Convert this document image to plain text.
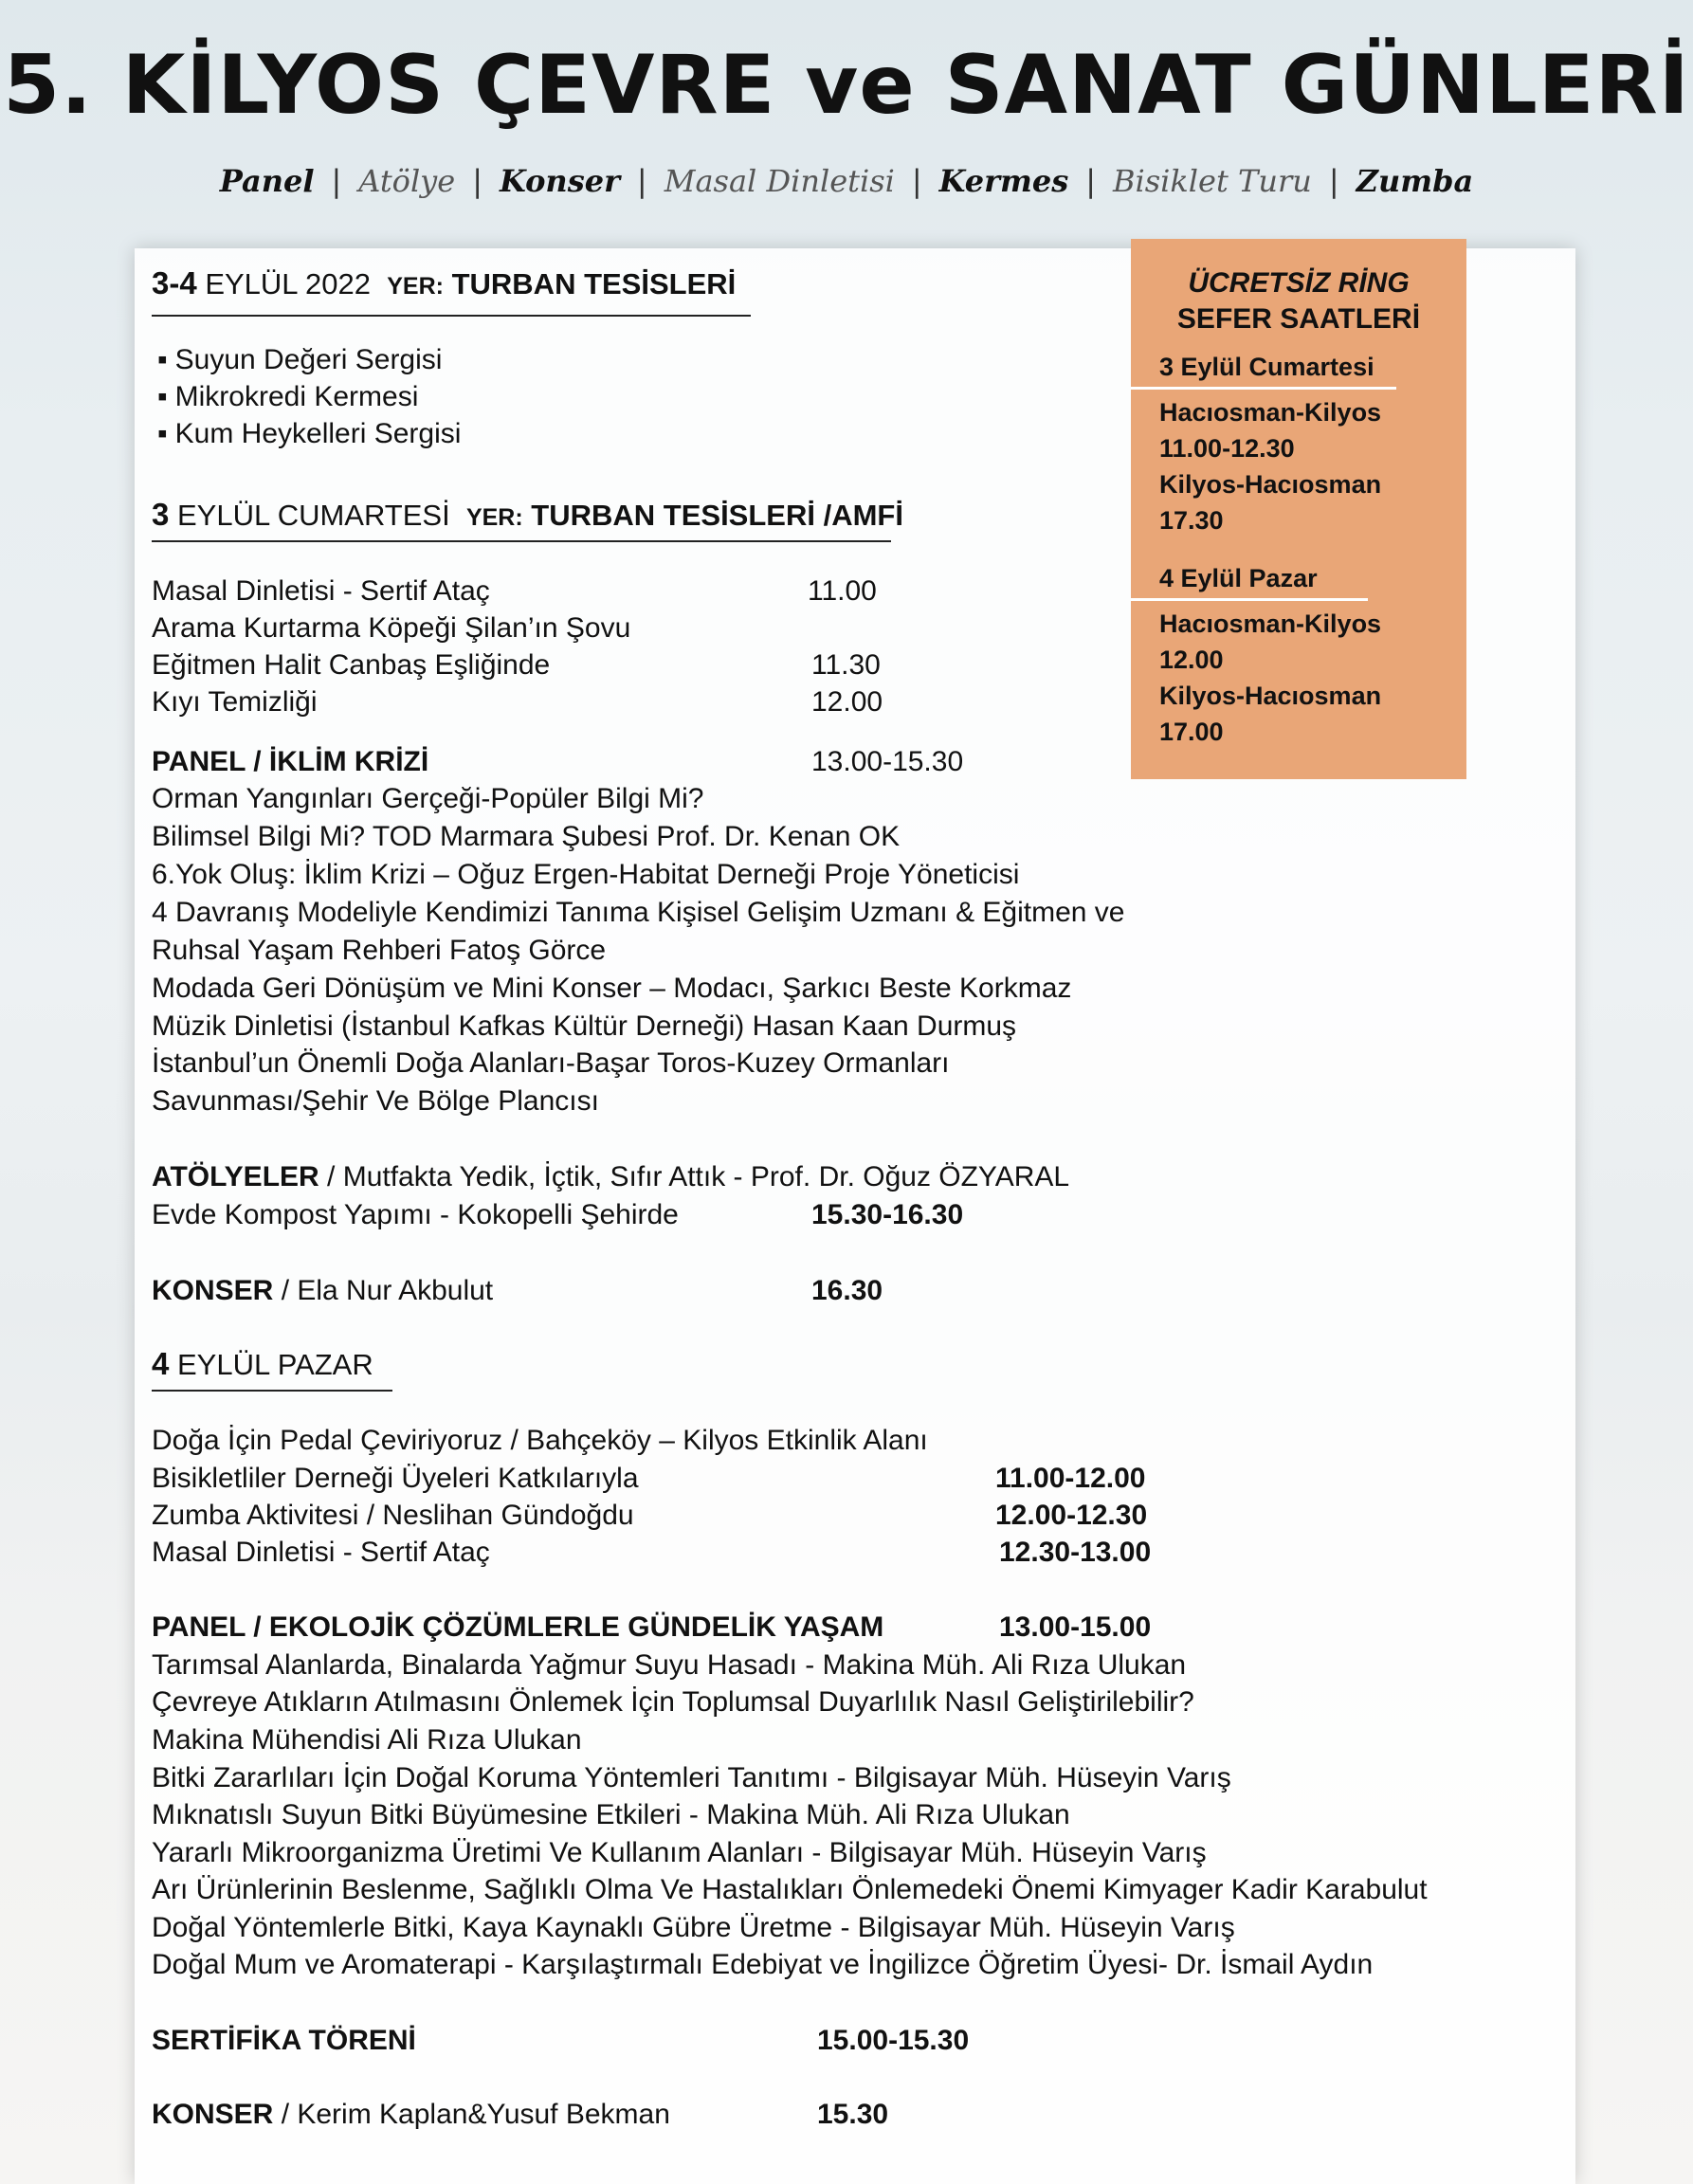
5. KİLYOS ÇEVRE ve SANAT GÜNLERİ
Panel | Atölye | Konser | Masal Dinletisi | Kermes | Bisiklet Turu | Zumba
3-4 EYLÜL 2022 YER: TURBAN TESİSLERİ
▪ Suyun Değeri Sergisi
▪ Mikrokredi Kermesi
▪ Kum Heykelleri Sergisi
3 EYLÜL CUMARTESİ YER: TURBAN TESİSLERİ /AMFİ
Masal Dinletisi - Sertif Ataç	11.00
Arama Kurtarma Köpeği Şilan’ın Şovu
Eğitmen Halit Canbaş Eşliğinde	11.30
Kıyı Temizliği	12.00
PANEL / İKLİM KRİZİ	13.00-15.30
Orman Yangınları Gerçeği-Popüler Bilgi Mi?
Bilimsel Bilgi Mi? TOD Marmara Şubesi Prof. Dr. Kenan OK
6.Yok Oluş: İklim Krizi – Oğuz Ergen-Habitat Derneği Proje Yöneticisi
4 Davranış Modeliyle Kendimizi Tanıma Kişisel Gelişim Uzmanı & Eğitmen ve
Ruhsal Yaşam Rehberi Fatoş Görce
Modada Geri Dönüşüm ve Mini Konser – Modacı, Şarkıcı Beste Korkmaz
Müzik Dinletisi (İstanbul Kafkas Kültür Derneği) Hasan Kaan Durmuş
İstanbul’un Önemli Doğa Alanları-Başar Toros-Kuzey Ormanları
Savunması/Şehir Ve Bölge Plancısı
ATÖLYELER / Mutfakta Yedik, İçtik, Sıfır Attık - Prof. Dr. Oğuz ÖZYARAL
Evde Kompost Yapımı - Kokopelli Şehirde	15.30-16.30
KONSER / Ela Nur Akbulut	16.30
4 EYLÜL PAZAR
Doğa İçin Pedal Çeviriyoruz / Bahçeköy – Kilyos Etkinlik Alanı
Bisikletliler Derneği Üyeleri Katkılarıyla	11.00-12.00
Zumba Aktivitesi / Neslihan Gündoğdu	12.00-12.30
Masal Dinletisi - Sertif Ataç	12.30-13.00
PANEL / EKOLOJİK ÇÖZÜMLERLE GÜNDELİK YAŞAM	13.00-15.00
Tarımsal Alanlarda, Binalarda Yağmur Suyu Hasadı - Makina Müh. Ali Rıza Ulukan
Çevreye Atıkların Atılmasını Önlemek İçin Toplumsal Duyarlılık Nasıl Geliştirilebilir?
Makina Mühendisi Ali Rıza Ulukan
Bitki Zararlıları İçin Doğal Koruma Yöntemleri Tanıtımı - Bilgisayar Müh. Hüseyin Varış
Mıknatıslı Suyun Bitki Büyümesine Etkileri - Makina Müh. Ali Rıza Ulukan
Yararlı Mikroorganizma Üretimi Ve Kullanım Alanları - Bilgisayar Müh. Hüseyin Varış
Arı Ürünlerinin Beslenme, Sağlıklı Olma Ve Hastalıkları Önlemedeki Önemi Kimyager Kadir Karabulut
Doğal Yöntemlerle Bitki, Kaya Kaynaklı Gübre Üretme - Bilgisayar Müh. Hüseyin Varış
Doğal Mum ve Aromaterapi - Karşılaştırmalı Edebiyat ve İngilizce Öğretim Üyesi- Dr. İsmail Aydın
SERTİFİKA TÖRENİ	15.00-15.30
KONSER / Kerim Kaplan&Yusuf Bekman	15.30
ÜCRETSİZ RİNG
SEFER SAATLERİ
3 Eylül Cumartesi
Hacıosman-Kilyos
11.00-12.30
Kilyos-Hacıosman
17.30
4 Eylül Pazar
Hacıosman-Kilyos
12.00
Kilyos-Hacıosman
17.00
